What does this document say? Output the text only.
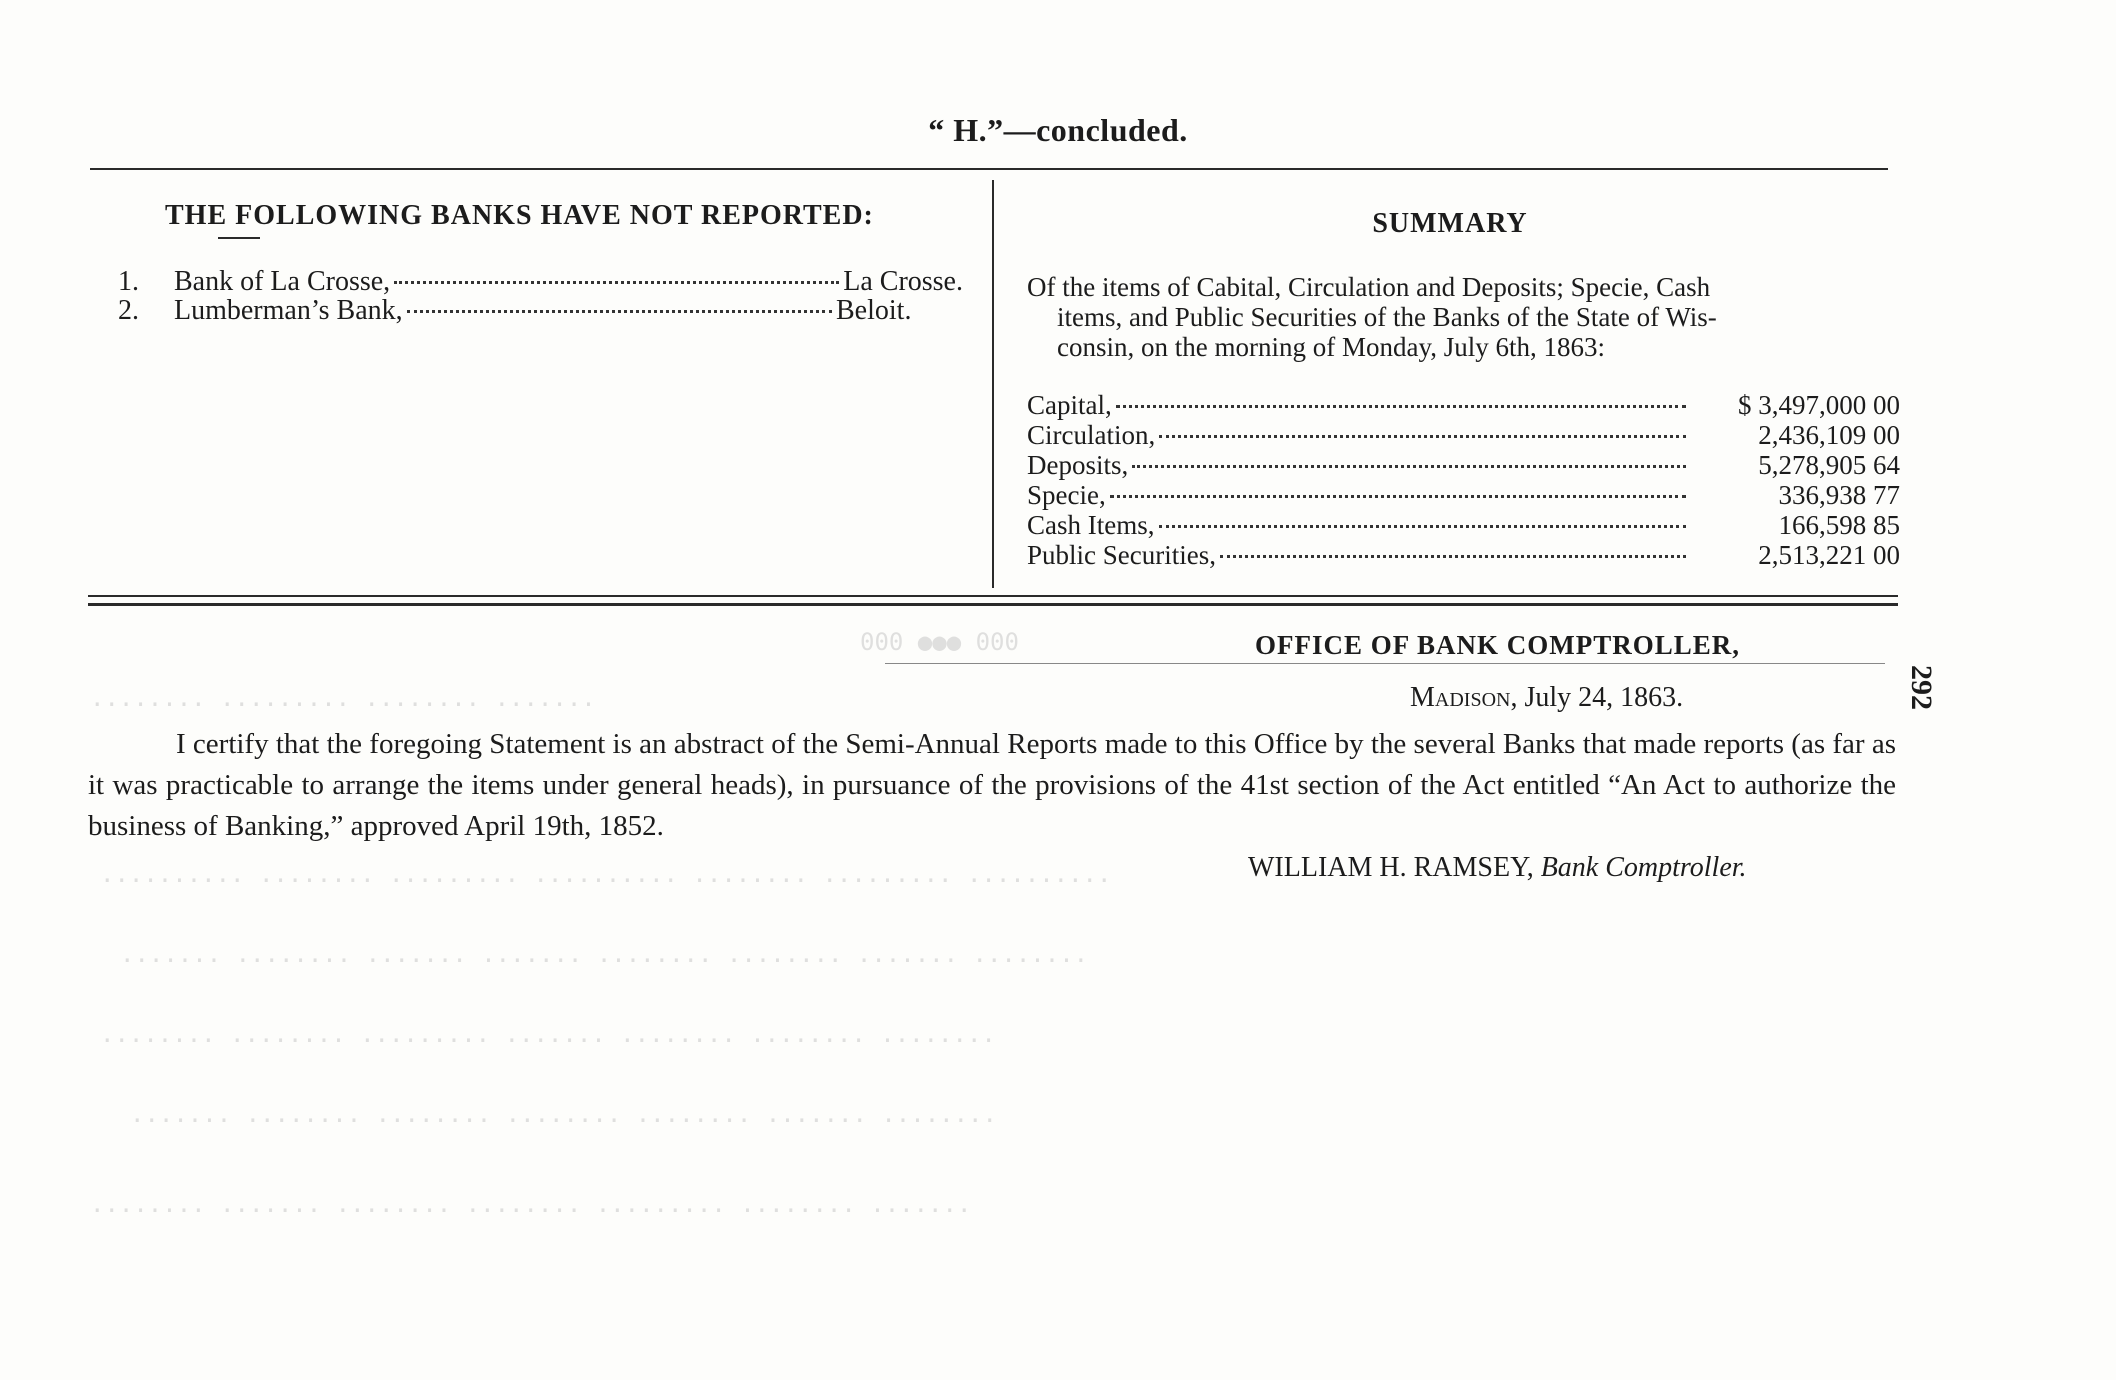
“ H.”—concluded.
THE FOLLOWING BANKS HAVE NOT REPORTED:
1.	Bank of La Crosse,	La Crosse.
2.	Lumberman’s Bank,	Beloit.
SUMMARY

Of the items of Cabital, Circulation and Deposits; Specie, Cash

items, and Public Securities of the Banks of the State of Wis-

consin, on the morning of Monday, July 6th, 1863:

Capital,	$ 3,497,000 00
Circulation,	2,436,109 00
Deposits,	5,278,905 64
Specie,	336,938 77
Cash Items,	166,598 85
Public Securities,	2,513,221 00
000 ●●● 000
........ ......... ........ .......
.......... ........ ......... .......... ........ ......... ..........
....... ........ ....... ....... ........ ........ ....... ........
........ ........ ......... ....... ........ ........ ........
....... ........ ........ ........ ........ ....... ........
........ ....... ........ ........ ......... ........ .......
OFFICE OF BANK COMPTROLLER,
Madison, July 24, 1863.
I certify that the foregoing Statement is an abstract of the Semi-Annual Reports made to this Office by the several Banks that made reports (as far as it was practicable to arrange the items under general heads), in pursuance of the provisions of the 41st section of the Act entitled “An Act to authorize the business of Banking,” approved April 19th, 1852.
WILLIAM H. RAMSEY, Bank Comptroller.
292
